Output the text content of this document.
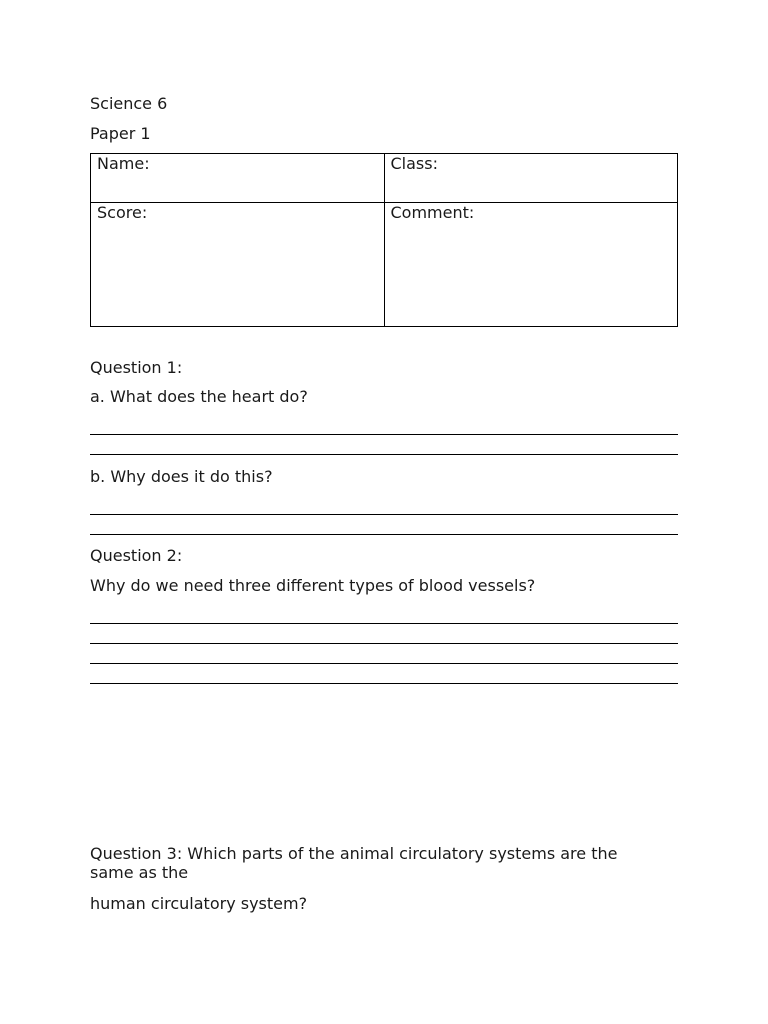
Science 6
Paper 1
Name:	Class:
Score:	Comment:
Question 1:
a. What does the heart do?
b. Why does it do this?
Question 2:
Why do we need three different types of blood vessels?
Question 3: Which parts of the animal circulatory systems are the same as the
human circulatory system?
